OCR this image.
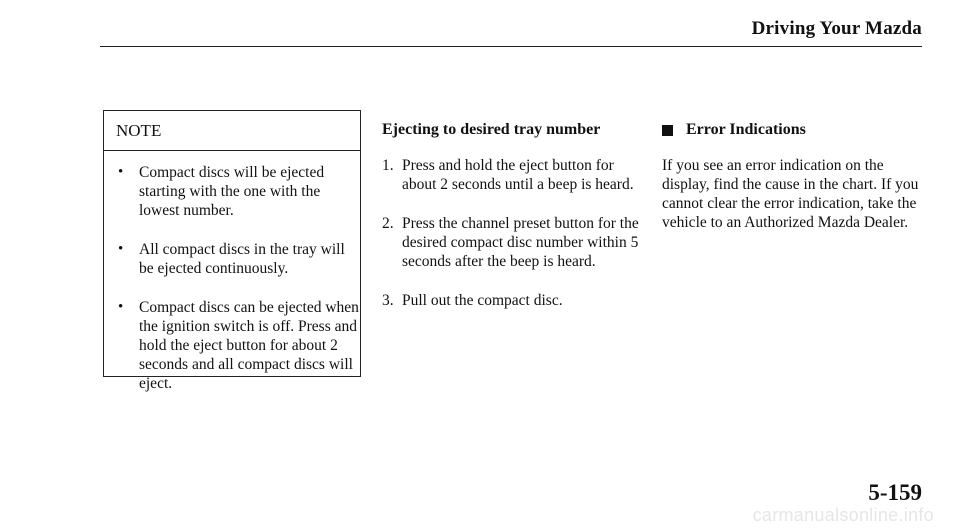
Driving Your Mazda
NOTE
• Compact discs will be ejected starting with the one with the lowest number.
• All compact discs in the tray will be ejected continuously.
• Compact discs can be ejected when the ignition switch is off. Press and hold the eject button for about 2 seconds and all compact discs will eject.
Ejecting to desired tray number
1. Press and hold the eject button for about 2 seconds until a beep is heard.
2. Press the channel preset button for the desired compact disc number within 5 seconds after the beep is heard.
3. Pull out the compact disc.
Error Indications
If you see an error indication on the display, find the cause in the chart. If you cannot clear the error indication, take the vehicle to an Authorized Mazda Dealer.
5-159
carmanualsonline.info
